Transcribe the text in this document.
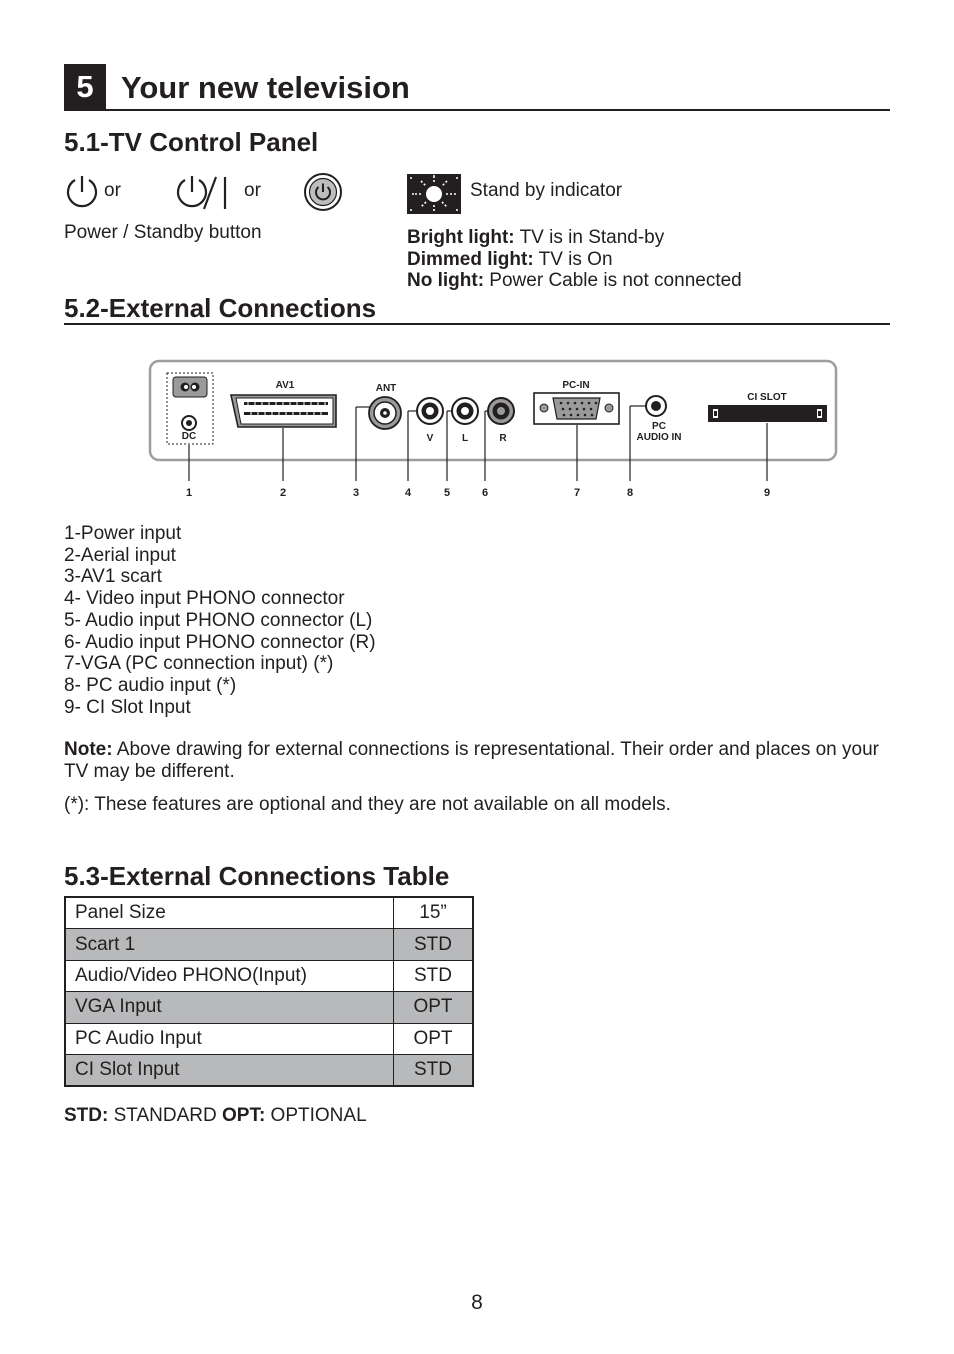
5 Your new television
5.1-TV Control Panel
or	or
Power / Standby button
Stand by indicator
Bright light: TV is in Stand-by
Dimmed light: TV is On
No light: Power Cable is not connected
5.2-External Connections
DC
AV1	ANT
V	L	R
PC-IN
PC
AUDIO IN
CI SLOT
1	2	3	4	5	6	7	8	9
1-Power input
2-Aerial input
3-AV1 scart
4- Video input PHONO connector
5- Audio input PHONO connector (L)
6- Audio input PHONO connector (R)
7-VGA (PC connection input) (*)
8- PC audio input (*)
9- CI Slot Input
Note: Above drawing for external connections is representational. Their order and places on your TV may be different.
(*): These features are optional and they are not available on all models.
5.3-External Connections Table
Panel Size	15”
Scart 1	STD
Audio/Video PHONO(Input)	STD
VGA Input	OPT
PC Audio Input	OPT
CI Slot Input	STD
STD: STANDARD OPT: OPTIONAL
8
